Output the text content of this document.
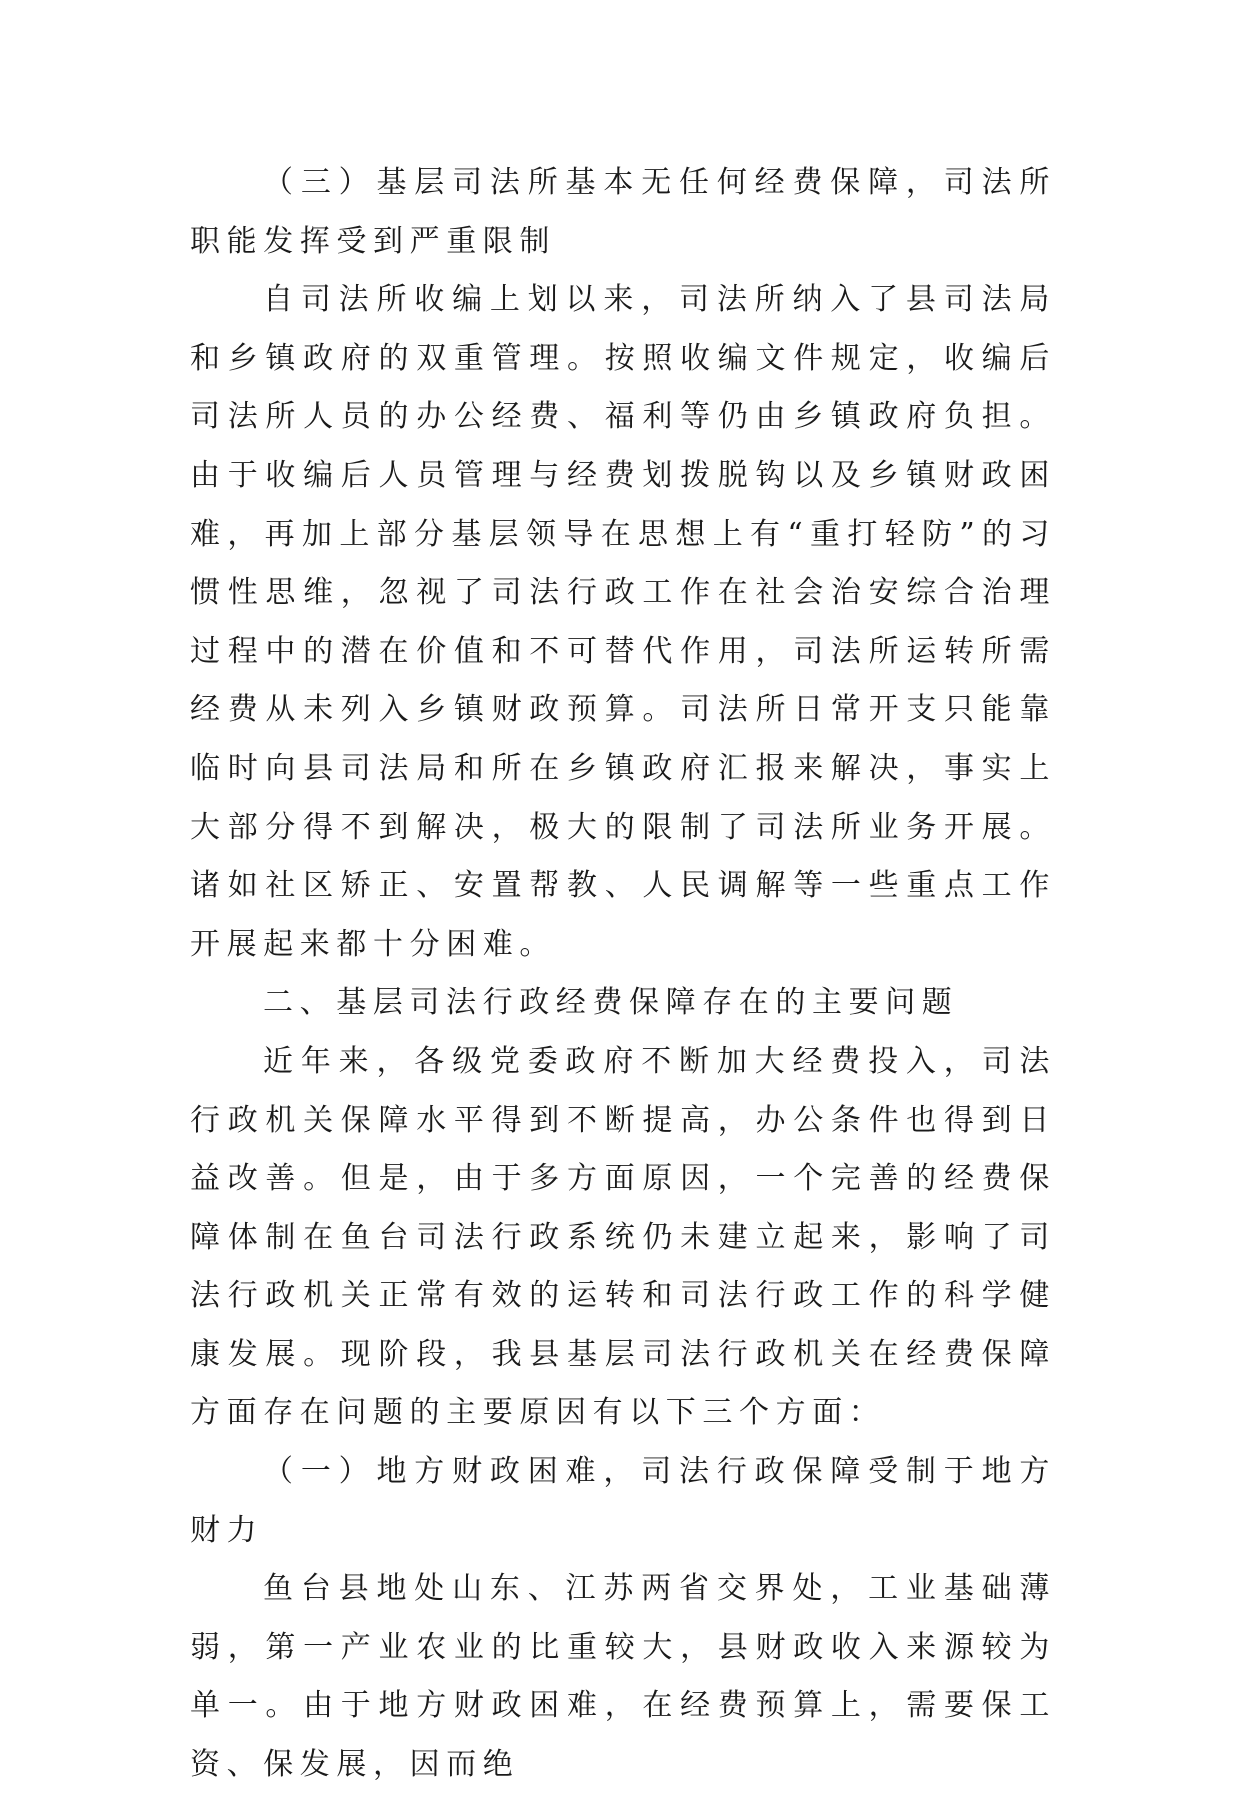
（三）基层司法所基本无任何经费保障，司法所职能发挥受到严重限制

自司法所收编上划以来，司法所纳入了县司法局和乡镇政府的双重管理。按照收编文件规定，收编后司法所人员的办公经费、福利等仍由乡镇政府负担。由于收编后人员管理与经费划拨脱钩以及乡镇财政困难，再加上部分基层领导在思想上有“重打轻防”的习惯性思维，忽视了司法行政工作在社会治安综合治理过程中的潜在价值和不可替代作用，司法所运转所需经费从未列入乡镇财政预算。司法所日常开支只能靠临时向县司法局和所在乡镇政府汇报来解决，事实上大部分得不到解决，极大的限制了司法所业务开展。诸如社区矫正、安置帮教、人民调解等一些重点工作开展起来都十分困难。

二、基层司法行政经费保障存在的主要问题

近年来，各级党委政府不断加大经费投入，司法行政机关保障水平得到不断提高，办公条件也得到日益改善。但是，由于多方面原因，一个完善的经费保障体制在鱼台司法行政系统仍未建立起来，影响了司法行政机关正常有效的运转和司法行政工作的科学健康发展。现阶段，我县基层司法行政机关在经费保障方面存在问题的主要原因有以下三个方面：

（一）地方财政困难，司法行政保障受制于地方财力

鱼台县地处山东、江苏两省交界处，工业基础薄弱，第一产业农业的比重较大，县财政收入来源较为单一。由于地方财政困难，在经费预算上，需要保工资、保发展，因而绝
